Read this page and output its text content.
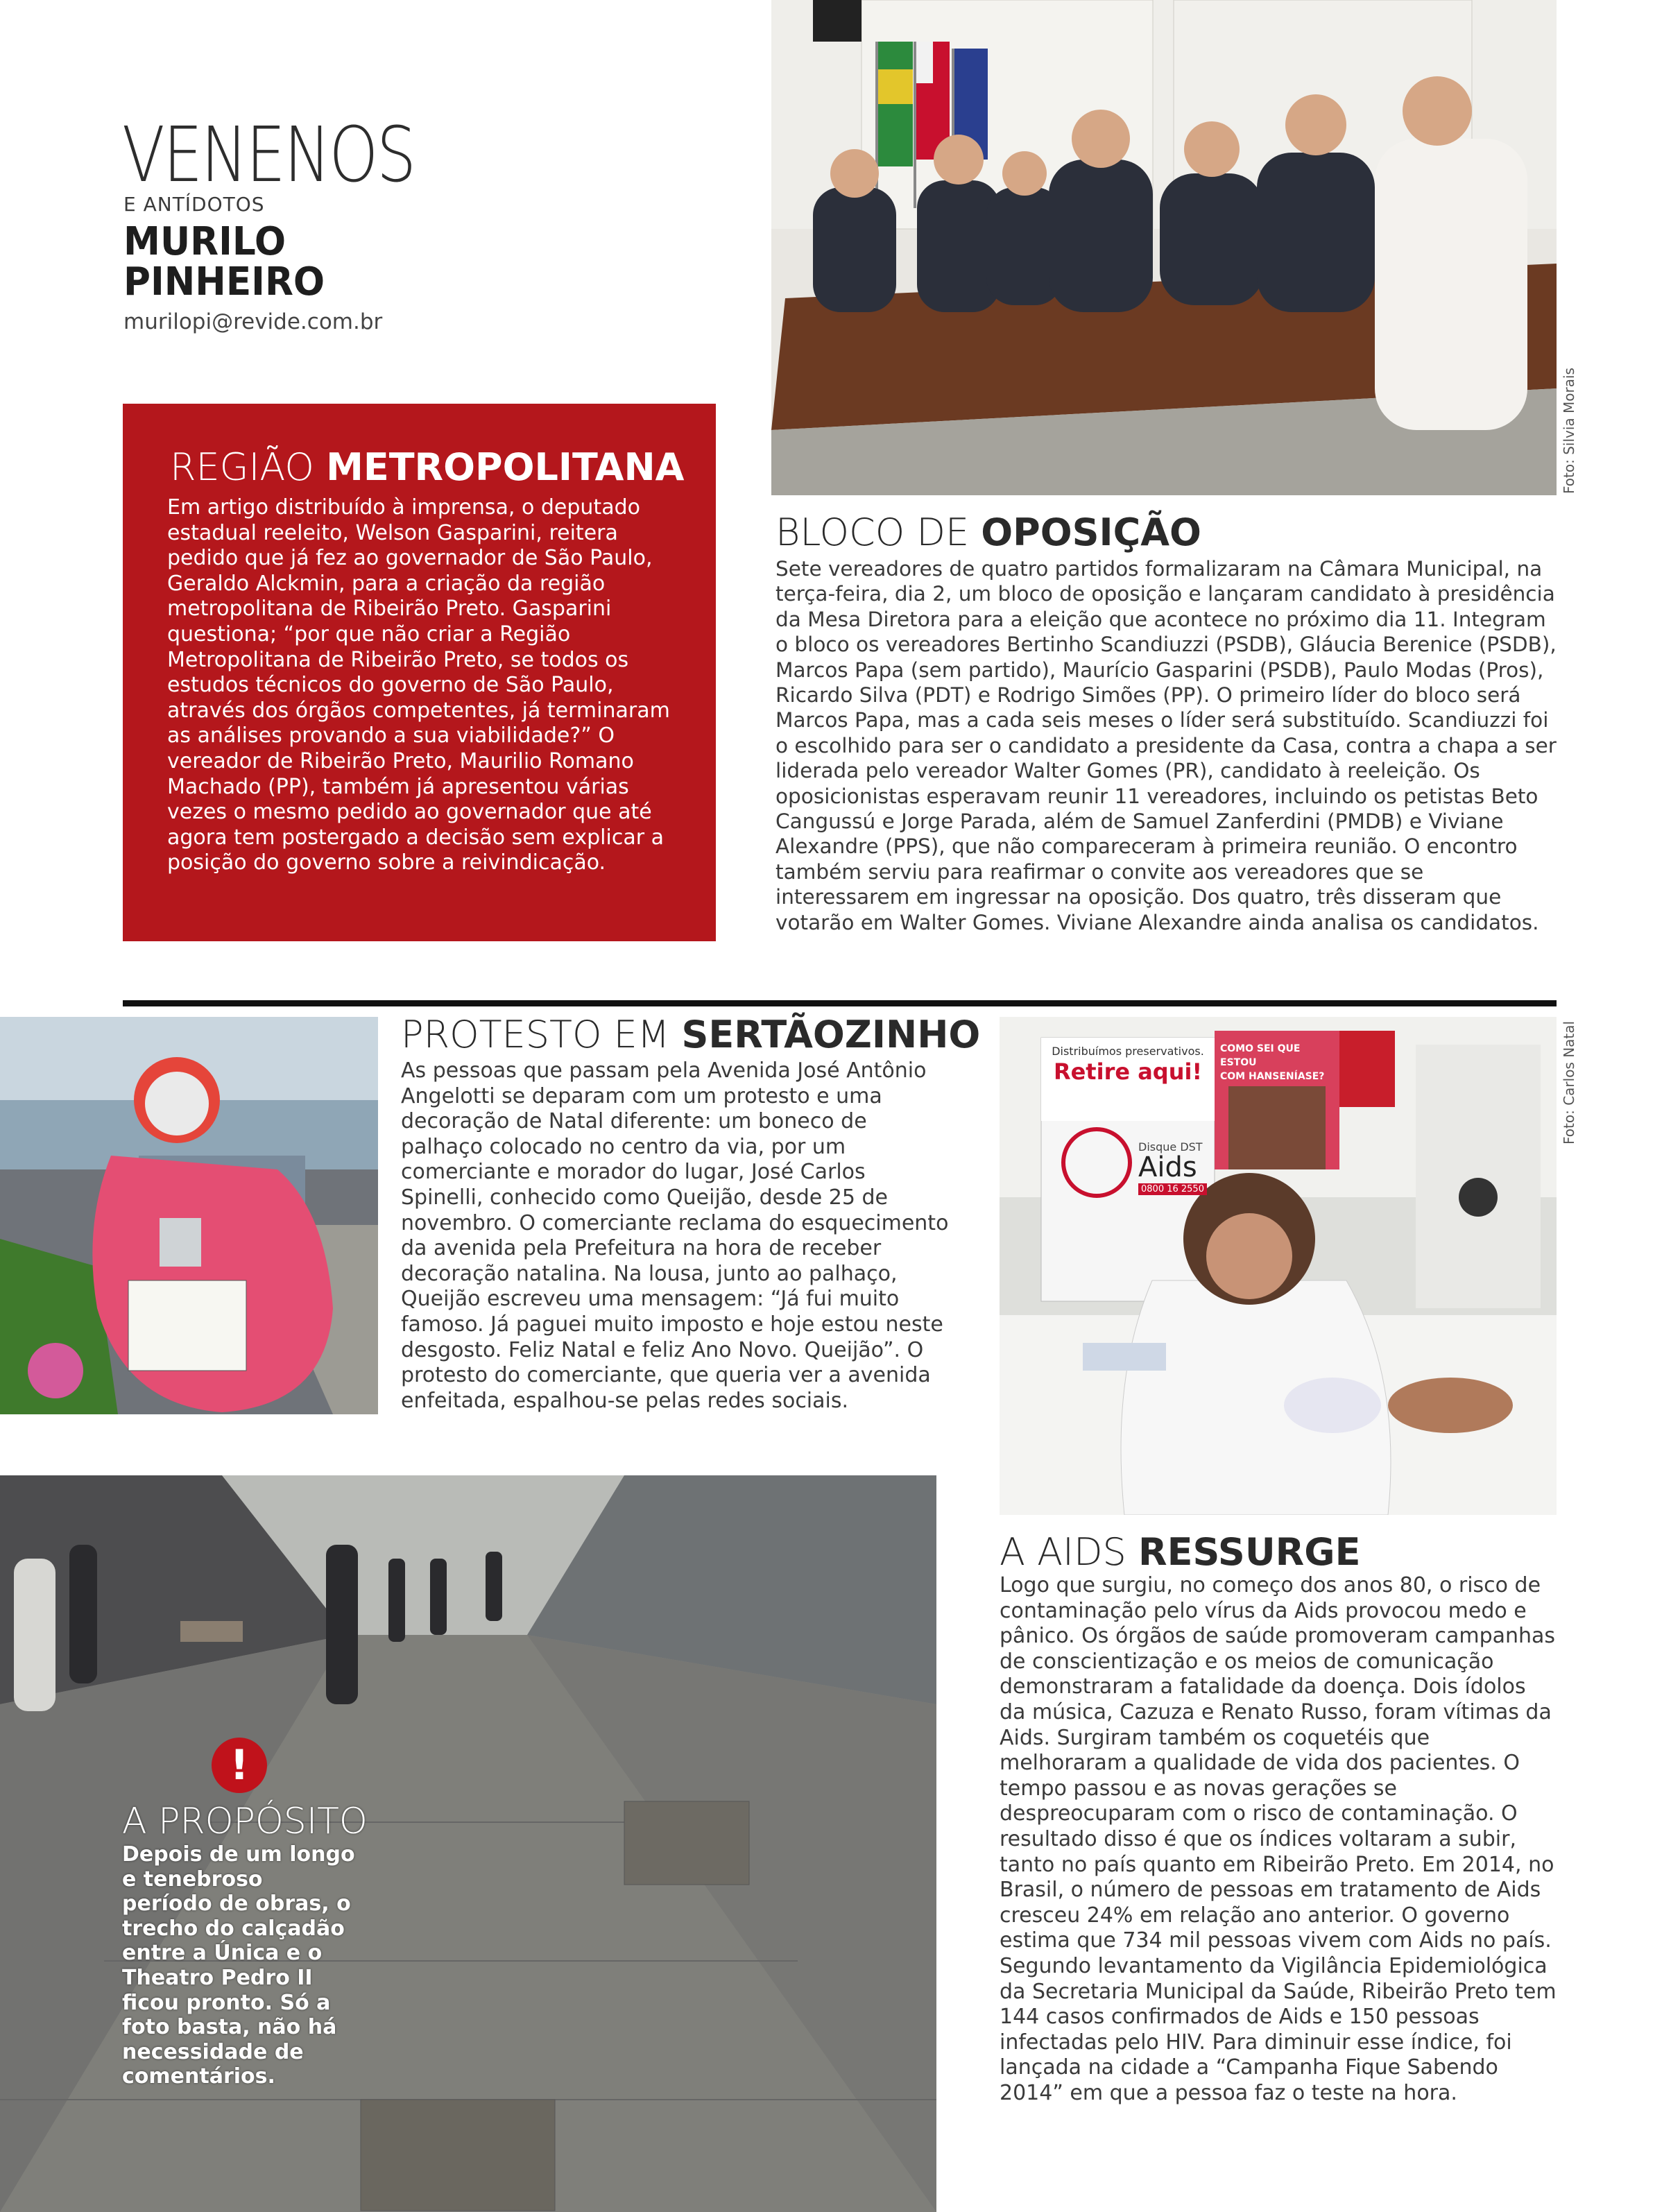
VENENOS
E ANTÍDOTOS
MURILO
PINHEIRO
murilopi@revide.com.br
REGIÃO METROPOLITANA
Em artigo distribuído à imprensa, o deputado estadual reeleito, Welson Gasparini, reitera pedido que já fez ao governador de São Paulo, Geraldo Alckmin, para a criação da região metropolitana de Ribeirão Preto. Gasparini questiona; “por que não criar a Região Metropolitana de Ribeirão Preto, se todos os estudos técnicos do governo de São Paulo, através dos órgãos competentes, já terminaram as análises provando a sua viabilidade?” O vereador de Ribeirão Preto, Maurilio Romano Machado (PP), também já apresentou várias vezes o mesmo pedido ao governador que até agora tem postergado a decisão sem explicar a posição do governo sobre a reivindicação.
Foto: Silvia Morais
BLOCO DE OPOSIÇÃO
Sete vereadores de quatro partidos formalizaram na Câmara Municipal, na terça-feira, dia 2, um bloco de oposição e lançaram candidato à presidência da Mesa Diretora para a eleição que acontece no próximo dia 11. Integram o bloco os vereadores Bertinho Scandiuzzi (PSDB), Gláucia Berenice (PSDB), Marcos Papa (sem partido), Maurício Gasparini (PSDB), Paulo Modas (Pros), Ricardo Silva (PDT) e Rodrigo Simões (PP). O primeiro líder do bloco será Marcos Papa, mas a cada seis meses o líder será substituído. Scandiuzzi foi o escolhido para ser o candidato a presidente da Casa, contra a chapa a ser liderada pelo vereador Walter Gomes (PR), candidato à reeleição. Os oposicionistas esperavam reunir 11 vereadores, incluindo os petistas Beto Cangussú e Jorge Parada, além de Samuel Zanferdini (PMDB) e Viviane Alexandre (PPS), que não compareceram à primeira reunião. O encontro também serviu para reafirmar o convite aos vereadores que se interessarem em ingressar na oposição. Dos quatro, três disseram que votarão em Walter Gomes. Viviane Alexandre ainda analisa os candidatos.
PROTESTO EM SERTÃOZINHO
As pessoas que passam pela Avenida José Antônio Angelotti se deparam com um protesto e uma decoração de Natal diferente: um boneco de palhaço colocado no centro da via, por um comerciante e morador do lugar, José Carlos Spinelli, conhecido como Queijão, desde 25 de novembro. O comerciante reclama do esquecimento da avenida pela Prefeitura na hora de receber decoração natalina. Na lousa, junto ao palhaço, Queijão escreveu uma mensagem: “Já fui muito famoso. Já paguei muito imposto e hoje estou neste desgosto. Feliz Natal e feliz Ano Novo. Queijão”. O protesto do comerciante, que queria ver a avenida enfeitada, espalhou-se pelas redes sociais.
Distribuímos preservativos.
Retire aqui!
Disque DST
Aids
0800 16 2550
COMO SEI QUE ESTOU
COM HANSENÍASE?	Foto: Carlos Natal
!
A PROPÓSITO
Depois de um longo e tenebroso período de obras, o trecho do calçadão entre a Única e o Theatro Pedro II ficou pronto. Só a foto basta, não há necessidade de comentários.
A AIDS RESSURGE
Logo que surgiu, no começo dos anos 80, o risco de contaminação pelo vírus da Aids provocou medo e pânico. Os órgãos de saúde promoveram campanhas de conscientização e os meios de comunicação demonstraram a fatalidade da doença. Dois ídolos da música, Cazuza e Renato Russo, foram vítimas da Aids. Surgiram também os coquetéis que melhoraram a qualidade de vida dos pacientes. O tempo passou e as novas gerações se despreocuparam com o risco de contaminação. O resultado disso é que os índices voltaram a subir, tanto no país quanto em Ribeirão Preto. Em 2014, no Brasil, o número de pessoas em tratamento de Aids cresceu 24% em relação ano anterior. O governo estima que 734 mil pessoas vivem com Aids no país. Segundo levantamento da Vigilância Epidemiológica da Secretaria Municipal da Saúde, Ribeirão Preto tem 144 casos confirmados de Aids e 150 pessoas infectadas pelo HIV. Para diminuir esse índice, foi lançada na cidade a “Campanha Fique Sabendo 2014” em que a pessoa faz o teste na hora.
